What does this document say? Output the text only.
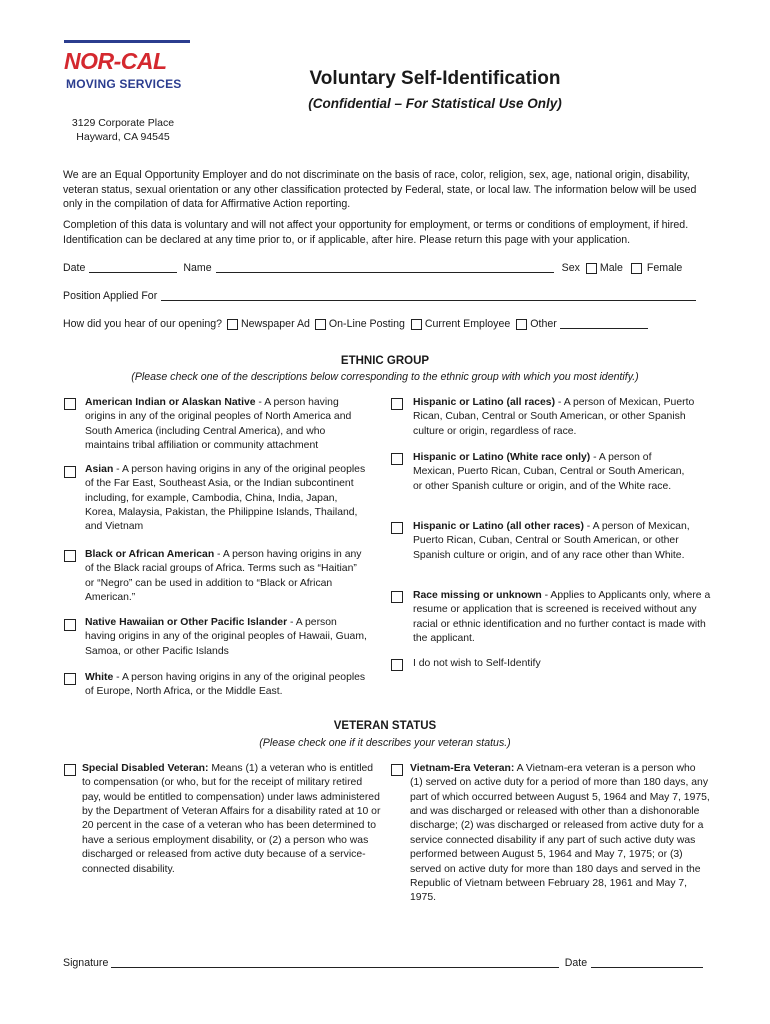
NOR-CAL
MOVING SERVICES
3129 Corporate Place
Hayward, CA 94545
Voluntary Self-Identification
(Confidential – For Statistical Use Only)
We are an Equal Opportunity Employer and do not discriminate on the basis of race, color, religion, sex, age, national origin, disability, veteran status, sexual orientation or any other classification protected by Federal, state, or local law. The information below will be used only in the compilation of data for Affirmative Action reporting.
Completion of this data is voluntary and will not affect your opportunity for employment, or terms or conditions of employment, if hired. Identification can be declared at any time prior to, or if applicable, after hire. Please return this page with your application.
Date	Name	Sex Male Female
Position Applied For
How did you hear of our opening? Newspaper Ad On-Line Posting Current Employee Other
ETHNIC GROUP
(Please check one of the descriptions below corresponding to the ethnic group with which you most identify.)
American Indian or Alaskan Native - A person having origins in any of the original peoples of North America and South America (including Central America), and who maintains tribal affiliation or community attachment
Asian - A person having origins in any of the original peoples of the Far East, Southeast Asia, or the Indian subcontinent including, for example, Cambodia, China, India, Japan, Korea, Malaysia, Pakistan, the Philippine Islands, Thailand, and Vietnam
Black or African American - A person having origins in any of the Black racial groups of Africa. Terms such as “Haitian” or “Negro” can be used in addition to “Black or African American.”
Native Hawaiian or Other Pacific Islander - A person having origins in any of the original peoples of Hawaii, Guam, Samoa, or other Pacific Islands
White - A person having origins in any of the original peoples of Europe, North Africa, or the Middle East.
Hispanic or Latino (all races) - A person of Mexican, Puerto Rican, Cuban, Central or South American, or other Spanish culture or origin, regardless of race.
Hispanic or Latino (White race only) - A person of Mexican, Puerto Rican, Cuban, Central or South American, or other Spanish culture or origin, and of the White race.
Hispanic or Latino (all other races) - A person of Mexican, Puerto Rican, Cuban, Central or South American, or other Spanish culture or origin, and of any race other than White.
Race missing or unknown - Applies to Applicants only, where a resume or application that is screened is received without any racial or ethnic identification and no further contact is made with the applicant.
I do not wish to Self-Identify
VETERAN STATUS
(Please check one if it describes your veteran status.)
Special Disabled Veteran: Means (1) a veteran who is entitled to compensation (or who, but for the receipt of military retired pay, would be entitled to compensation) under laws administered by the Department of Veteran Affairs for a disability rated at 10 or 20 percent in the case of a veteran who has been determined to have a serious employment disability, or (2) a person who was discharged or released from active duty because of a service-connected disability.
Vietnam-Era Veteran: A Vietnam-era veteran is a person who (1) served on active duty for a period of more than 180 days, any part of which occurred between August 5, 1964 and May 7, 1975, and was discharged or released with other than a dishonorable discharge; (2) was discharged or released from active duty for a service connected disability if any part of such active duty was performed between August 5, 1964 and May 7, 1975; or (3) served on active duty for more than 180 days and served in the Republic of Vietnam between February 28, 1961 and May 7, 1975.
Signature	Date
